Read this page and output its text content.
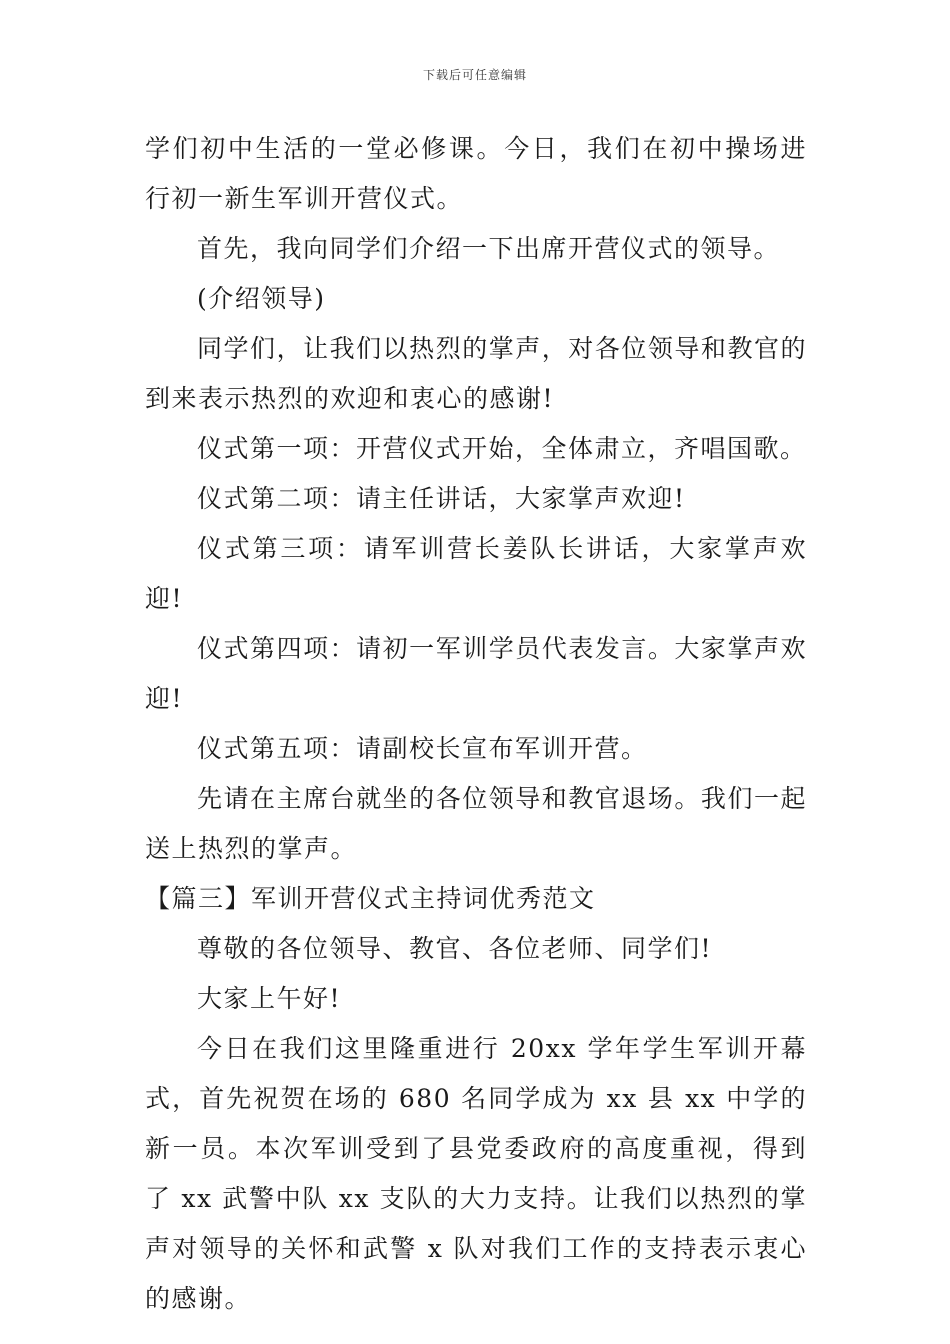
下载后可任意编辑

学们初中生活的一堂必修课。今日，我们在初中操场进行初一新生军训开营仪式。

首先，我向同学们介绍一下出席开营仪式的领导。

(介绍领导)

同学们，让我们以热烈的掌声，对各位领导和教官的到来表示热烈的欢迎和衷心的感谢!

仪式第一项：开营仪式开始，全体肃立，齐唱国歌。

仪式第二项：请主任讲话，大家掌声欢迎!

仪式第三项：请军训营长姜队长讲话，大家掌声欢迎!

仪式第四项：请初一军训学员代表发言。大家掌声欢迎!

仪式第五项：请副校长宣布军训开营。

先请在主席台就坐的各位领导和教官退场。我们一起送上热烈的掌声。

【篇三】军训开营仪式主持词优秀范文

尊敬的各位领导、教官、各位老师、同学们!

大家上午好!

今日在我们这里隆重进行 20xx 学年学生军训开幕式，首先祝贺在场的 680 名同学成为 xx 县 xx 中学的新一员。本次军训受到了县党委政府的高度重视，得到了 xx 武警中队 xx 支队的大力支持。让我们以热烈的掌声对领导的关怀和武警 x 队对我们工作的支持表示衷心的感谢。
